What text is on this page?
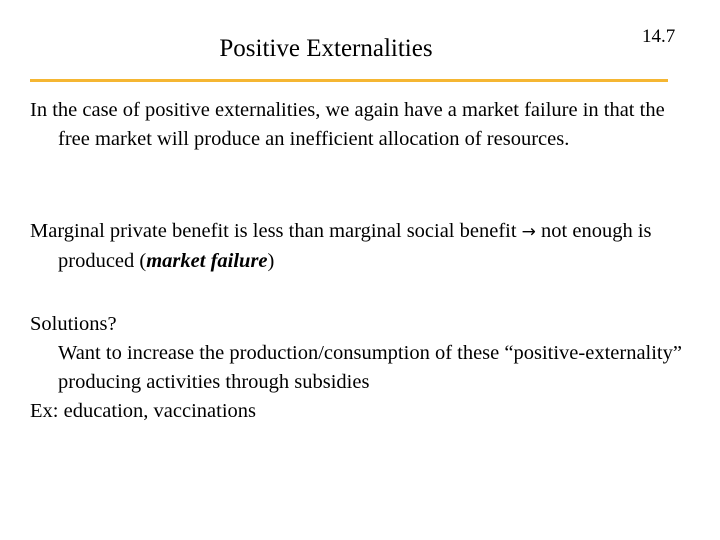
Positive Externalities	14.7

In the case of positive externalities, we again have a market failure in that the free market will produce an inefficient allocation of resources.

Marginal private benefit is less than marginal social benefit → not enough is produced (market failure)

Solutions?
Want to increase the production/consumption of these “positive-externality” producing activities through subsidies
Ex: education, vaccinations
